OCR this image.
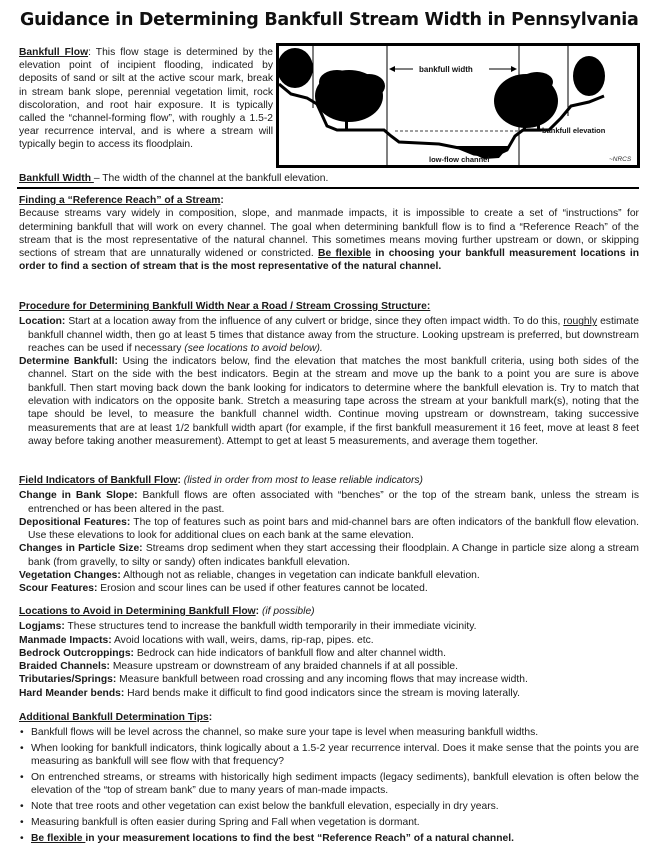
Guidance in Determining Bankfull Stream Width in Pennsylvania
Bankfull Flow: This flow stage is determined by the elevation point of incipient flooding, indicated by deposits of sand or silt at the active scour mark, break in stream bank slope, perennial vegetation limit, rock discoloration, and root hair exposure. It is typically called the “channel-forming flow”, with roughly a 1.5-2 year recurrence interval, and is where a stream will typically begin to access its floodplain.
Bankfull Width – The width of the channel at the bankfull elevation.
bankfull width
bankfull elevation
low-flow channel	~NRCS

Finding a “Reference Reach” of a Stream:

Because streams vary widely in composition, slope, and manmade impacts, it is impossible to create a set of “instructions” for determining bankfull that will work on every channel. The goal when determining bankfull flow is to find a “Reference Reach” of the stream that is the most representative of the natural channel. This sometimes means moving further upstream or down, or skipping sections of stream that are unnaturally widened or constricted. Be flexible in choosing your bankfull measurement locations in order to find a section of stream that is the most representative of the natural channel.

Procedure for Determining Bankfull Width Near a Road / Stream Crossing Structure:

Location: Start at a location away from the influence of any culvert or bridge, since they often impact width. To do this, roughly estimate bankfull channel width, then go at least 5 times that distance away from the structure. Looking upstream is preferred, but downstream reaches can be used if necessary (see locations to avoid below).

Determine Bankfull: Using the indicators below, find the elevation that matches the most bankfull criteria, using both sides of the channel. Start on the side with the best indicators. Begin at the stream and move up the bank to a point you are sure is above bankfull. Then start moving back down the bank looking for indicators to determine where the bankfull elevation is. Try to match that elevation with indicators on the opposite bank. Stretch a measuring tape across the stream at your bankfull mark(s), noting that the tape should be level, to measure the bankfull channel width. Continue moving upstream or downstream, taking successive measurements that are at least 1/2 bankfull width apart (for example, if the first bankfull measurement it 16 feet, move at least 8 feet away before taking another measurement). Attempt to get at least 5 measurements, and average them together.

Field Indicators of Bankfull Flow: (listed in order from most to lease reliable indicators)

Change in Bank Slope: Bankfull flows are often associated with “benches” or the top of the stream bank, unless the stream is entrenched or has been altered in the past.

Depositional Features: The top of features such as point bars and mid-channel bars are often indicators of the bankfull flow elevation. Use these elevations to look for additional clues on each bank at the same elevation.

Changes in Particle Size: Streams drop sediment when they start accessing their floodplain. A Change in particle size along a stream bank (from gravelly, to silty or sandy) often indicates bankfull elevation.

Vegetation Changes: Although not as reliable, changes in vegetation can indicate bankfull elevation.

Scour Features: Erosion and scour lines can be used if other features cannot be located.

Locations to Avoid in Determining Bankfull Flow: (if possible)

Logjams: These structures tend to increase the bankfull width temporarily in their immediate vicinity.

Manmade Impacts: Avoid locations with wall, weirs, dams, rip-rap, pipes. etc.

Bedrock Outcroppings: Bedrock can hide indicators of bankfull flow and alter channel width.

Braided Channels: Measure upstream or downstream of any braided channels if at all possible.

Tributaries/Springs: Measure bankfull between road crossing and any incoming flows that may increase width.

Hard Meander bends: Hard bends make it difficult to find good indicators since the stream is moving laterally.

Additional Bankfull Determination Tips:

• Bankfull flows will be level across the channel, so make sure your tape is level when measuring bankfull widths.
• When looking for bankfull indicators, think logically about a 1.5-2 year recurrence interval. Does it make sense that the points you are measuring as bankfull will see flow with that frequency?
• On entrenched streams, or streams with historically high sediment impacts (legacy sediments), bankfull elevation is often below the elevation of the “top of stream bank” due to many years of man-made impacts.
• Note that tree roots and other vegetation can exist below the bankfull elevation, especially in dry years.
• Measuring bankfull is often easier during Spring and Fall when vegetation is dormant.
• Be flexible in your measurement locations to find the best “Reference Reach” of a natural channel.
